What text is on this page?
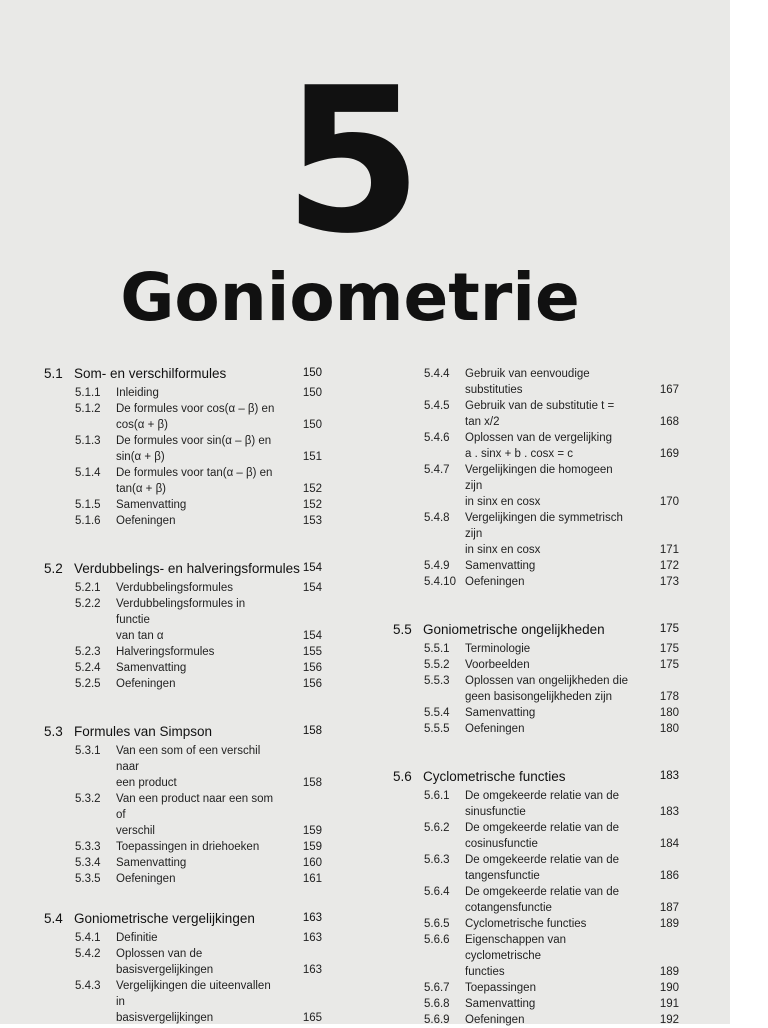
5
Goniometrie
5.1 Som- en verschilformules	150
5.1.1 Inleiding	150
5.1.2 De formules voor cos(α – β) en
cos(α + β)	150
5.1.3 De formules voor sin(α – β) en
sin(α + β)	151
5.1.4 De formules voor tan(α – β) en
tan(α + β)	152
5.1.5 Samenvatting	152
5.1.6 Oefeningen	153
5.2 Verdubbelings- en halveringsformules 154
5.2.1 Verdubbelingsformules	154
5.2.2 Verdubbelingsformules in functie
van tan α	154
5.2.3 Halveringsformules	155
5.2.4 Samenvatting	156
5.2.5 Oefeningen	156
5.3 Formules van Simpson	158
5.3.1 Van een som of een verschil naar
een product	158
5.3.2 Van een product naar een som of
verschil	159
5.3.3 Toepassingen in driehoeken	159
5.3.4 Samenvatting	160
5.3.5 Oefeningen	161
5.4 Goniometrische vergelijkingen	163
5.4.1 Definitie	163
5.4.2 Oplossen van de basisvergelijkingen	163
5.4.3 Vergelijkingen die uiteenvallen in
basisvergelijkingen	165
5.4.4 Gebruik van eenvoudige substituties	167
5.4.5 Gebruik van de substitutie t = tan x/2	168
5.4.6 Oplossen van de vergelijking
a . sinx + b . cosx = c	169
5.4.7 Vergelijkingen die homogeen zijn
in sinx en cosx	170
5.4.8 Vergelijkingen die symmetrisch zijn
in sinx en cosx	171
5.4.9 Samenvatting	172
5.4.10 Oefeningen	173
5.5 Goniometrische ongelijkheden	175
5.5.1 Terminologie	175
5.5.2 Voorbeelden	175
5.5.3 Oplossen van ongelijkheden die
geen basisongelijkheden zijn	178
5.5.4 Samenvatting	180
5.5.5 Oefeningen	180
5.6 Cyclometrische functies	183
5.6.1 De omgekeerde relatie van de
sinusfunctie	183
5.6.2 De omgekeerde relatie van de
cosinusfunctie	184
5.6.3 De omgekeerde relatie van de
tangensfunctie	186
5.6.4 De omgekeerde relatie van de
cotangensfunctie	187
5.6.5 Cyclometrische functies	189
5.6.6 Eigenschappen van cyclometrische
functies	189
5.6.7 Toepassingen	190
5.6.8 Samenvatting	191
5.6.9 Oefeningen	192
